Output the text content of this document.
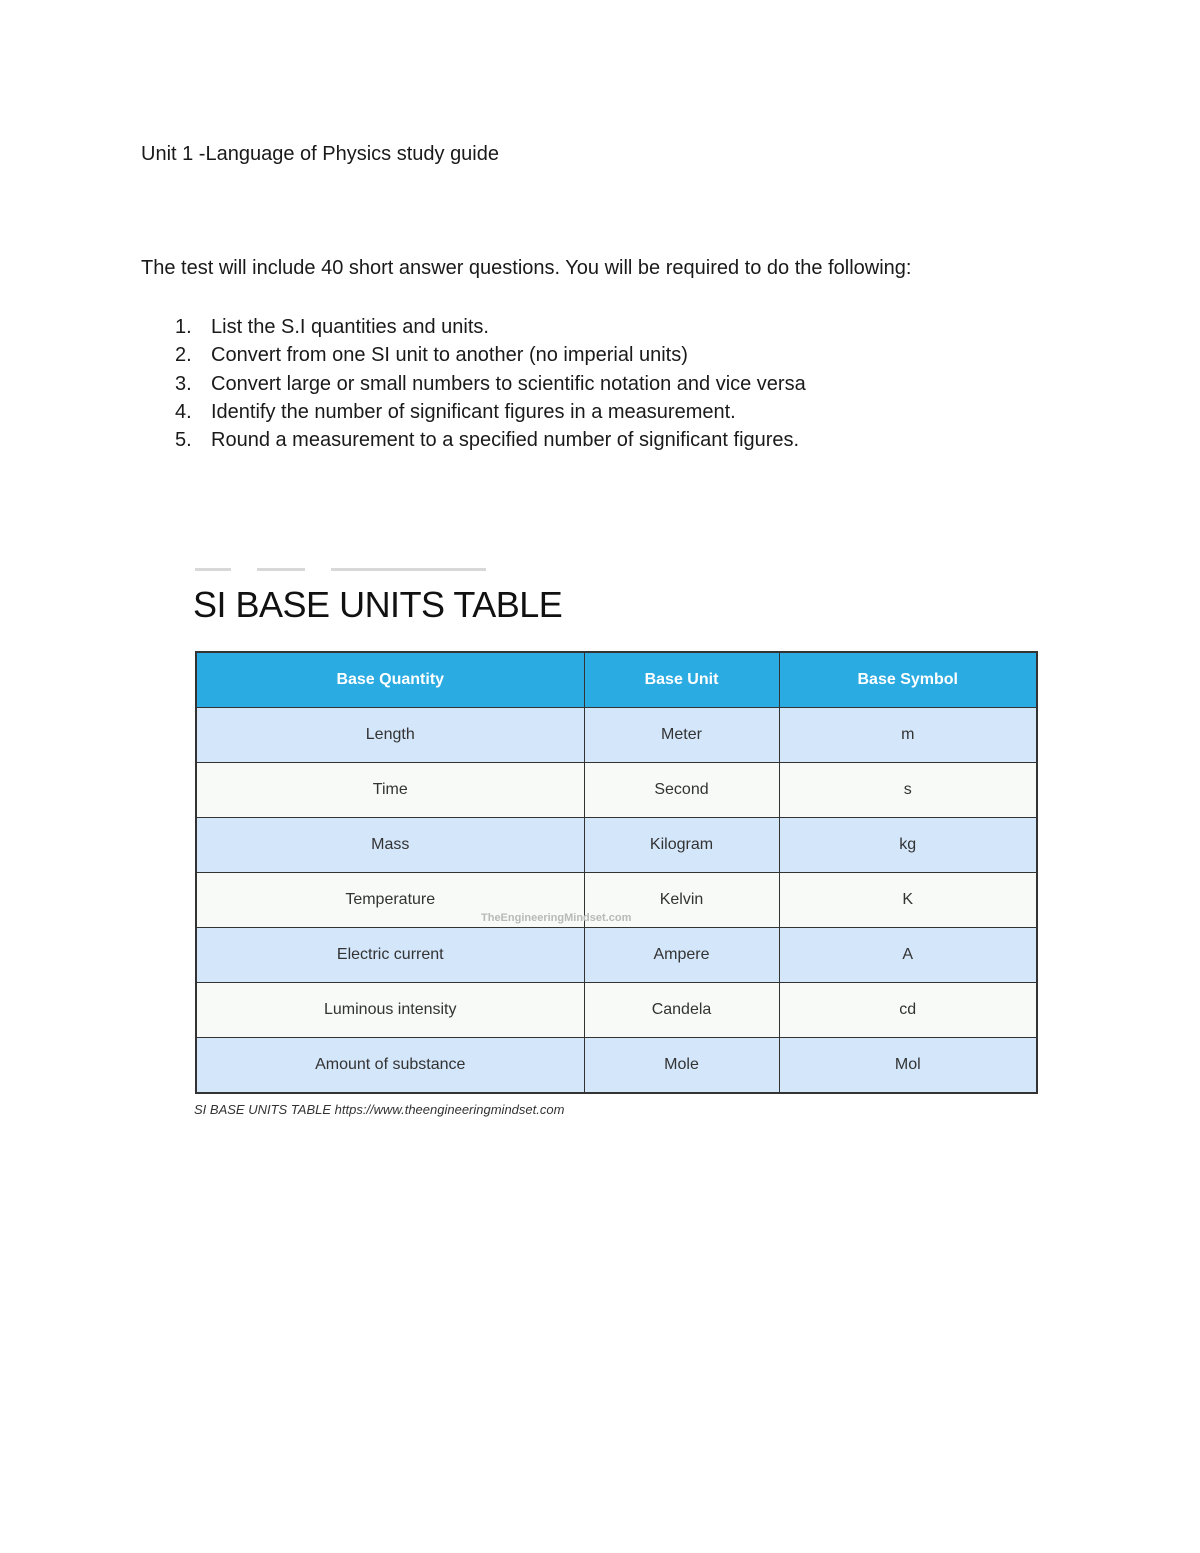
Unit 1 -Language of Physics study guide
The test will include 40 short answer questions. You will be required to do the following:
1. List the S.I quantities and units.
2. Convert from one SI unit to another (no imperial units)
3. Convert large or small numbers to scientific notation and vice versa
4. Identify the number of significant figures in a measurement.
5. Round a measurement to a specified number of significant figures.
SI BASE UNITS TABLE
Base Quantity	Base Unit	Base Symbol
Length	Meter	m
Time	Second	s
Mass	Kilogram	kg
Temperature	Kelvin	K
Electric current	Ampere	A
Luminous intensity	Candela	cd
Amount of substance	Mole	Mol
TheEngineeringMindset.com
SI BASE UNITS TABLE https://www.theengineeringmindset.com
